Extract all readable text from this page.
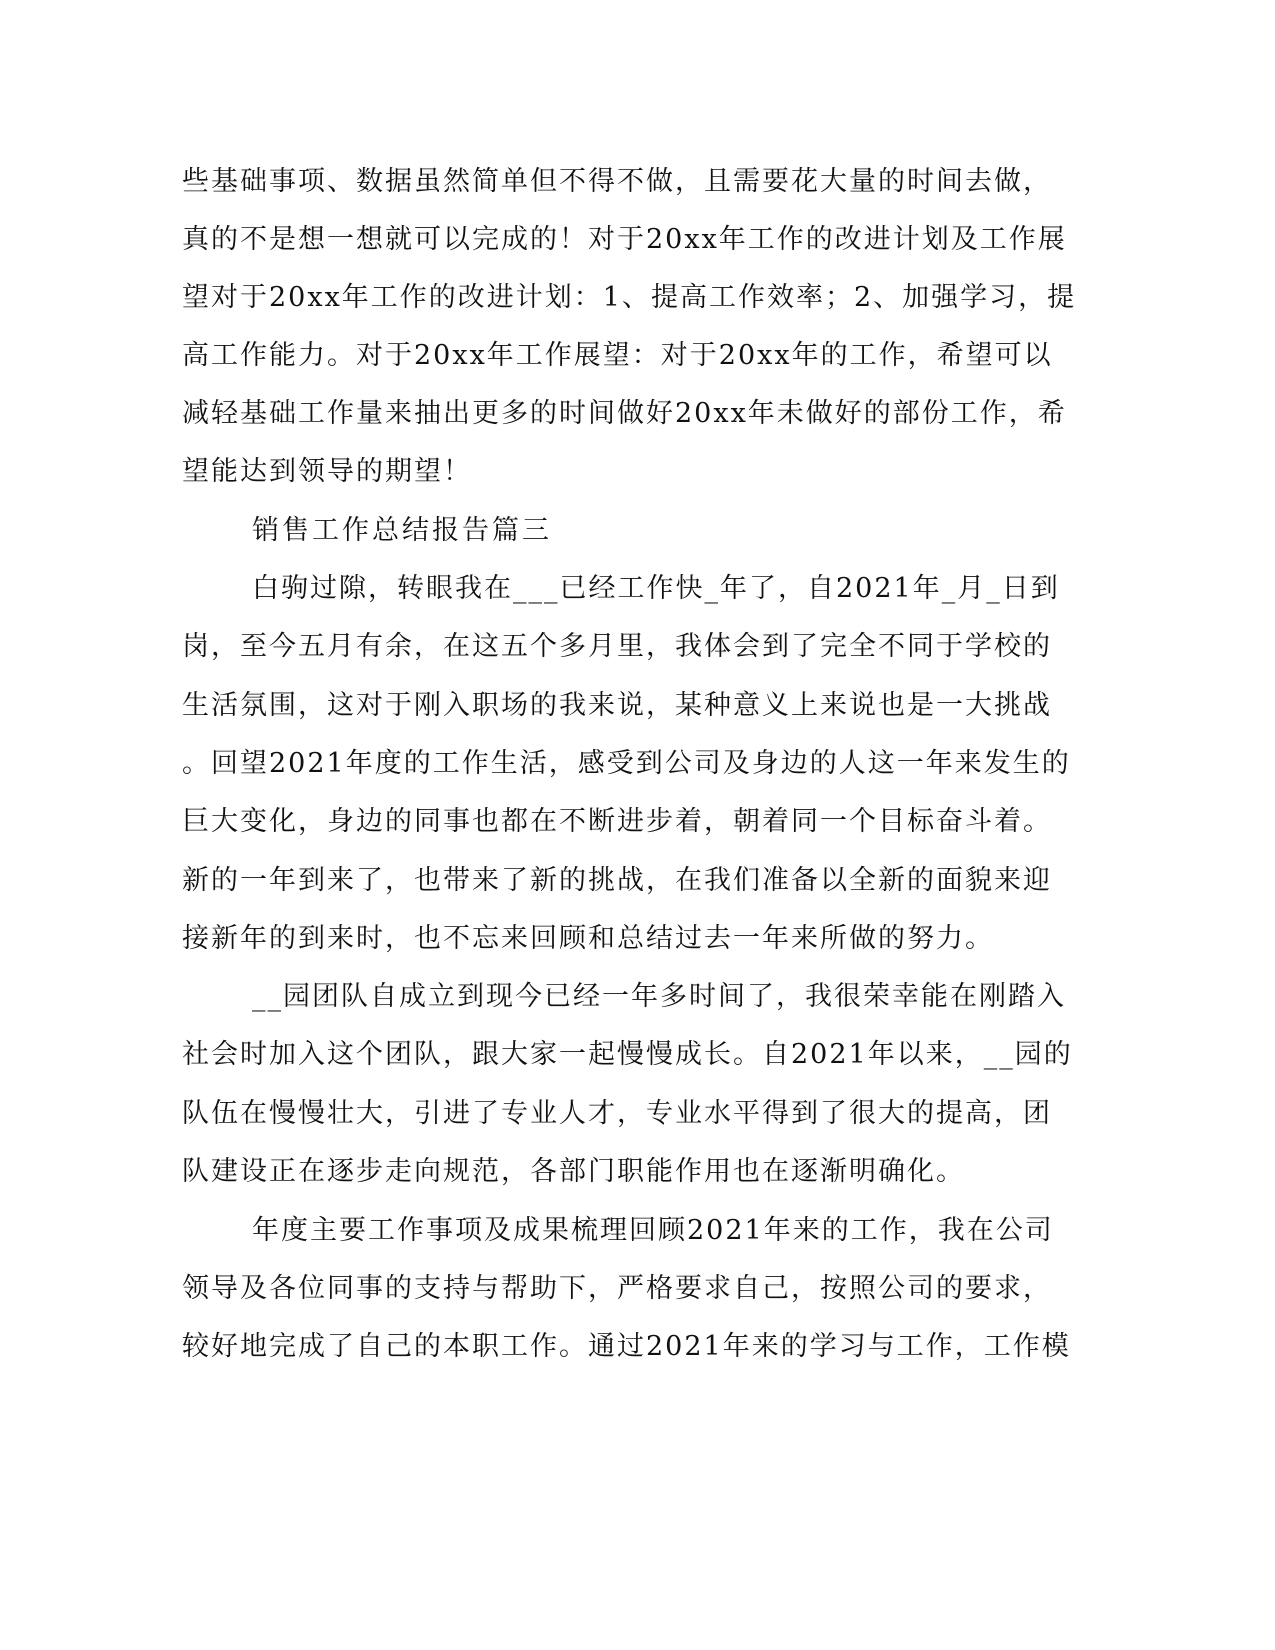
些基础事项、数据虽然简单但不得不做，且需要花大量的时间去做，
真的不是想一想就可以完成的！对于20xx年工作的改进计划及工作展
望对于20xx年工作的改进计划：1、提高工作效率；2、加强学习，提
高工作能力。对于20xx年工作展望：对于20xx年的工作，希望可以
减轻基础工作量来抽出更多的时间做好20xx年未做好的部份工作，希
望能达到领导的期望！
销售工作总结报告篇三
白驹过隙，转眼我在___已经工作快_年了，自2021年_月_日到
岗，至今五月有余，在这五个多月里，我体会到了完全不同于学校的
生活氛围，这对于刚入职场的我来说，某种意义上来说也是一大挑战
。回望2021年度的工作生活，感受到公司及身边的人这一年来发生的
巨大变化，身边的同事也都在不断进步着，朝着同一个目标奋斗着。
新的一年到来了，也带来了新的挑战，在我们准备以全新的面貌来迎
接新年的到来时，也不忘来回顾和总结过去一年来所做的努力。
__园团队自成立到现今已经一年多时间了，我很荣幸能在刚踏入
社会时加入这个团队，跟大家一起慢慢成长。自2021年以来，__园的
队伍在慢慢壮大，引进了专业人才，专业水平得到了很大的提高，团
队建设正在逐步走向规范，各部门职能作用也在逐渐明确化。
年度主要工作事项及成果梳理回顾2021年来的工作，我在公司
领导及各位同事的支持与帮助下，严格要求自己，按照公司的要求，
较好地完成了自己的本职工作。通过2021年来的学习与工作，工作模
